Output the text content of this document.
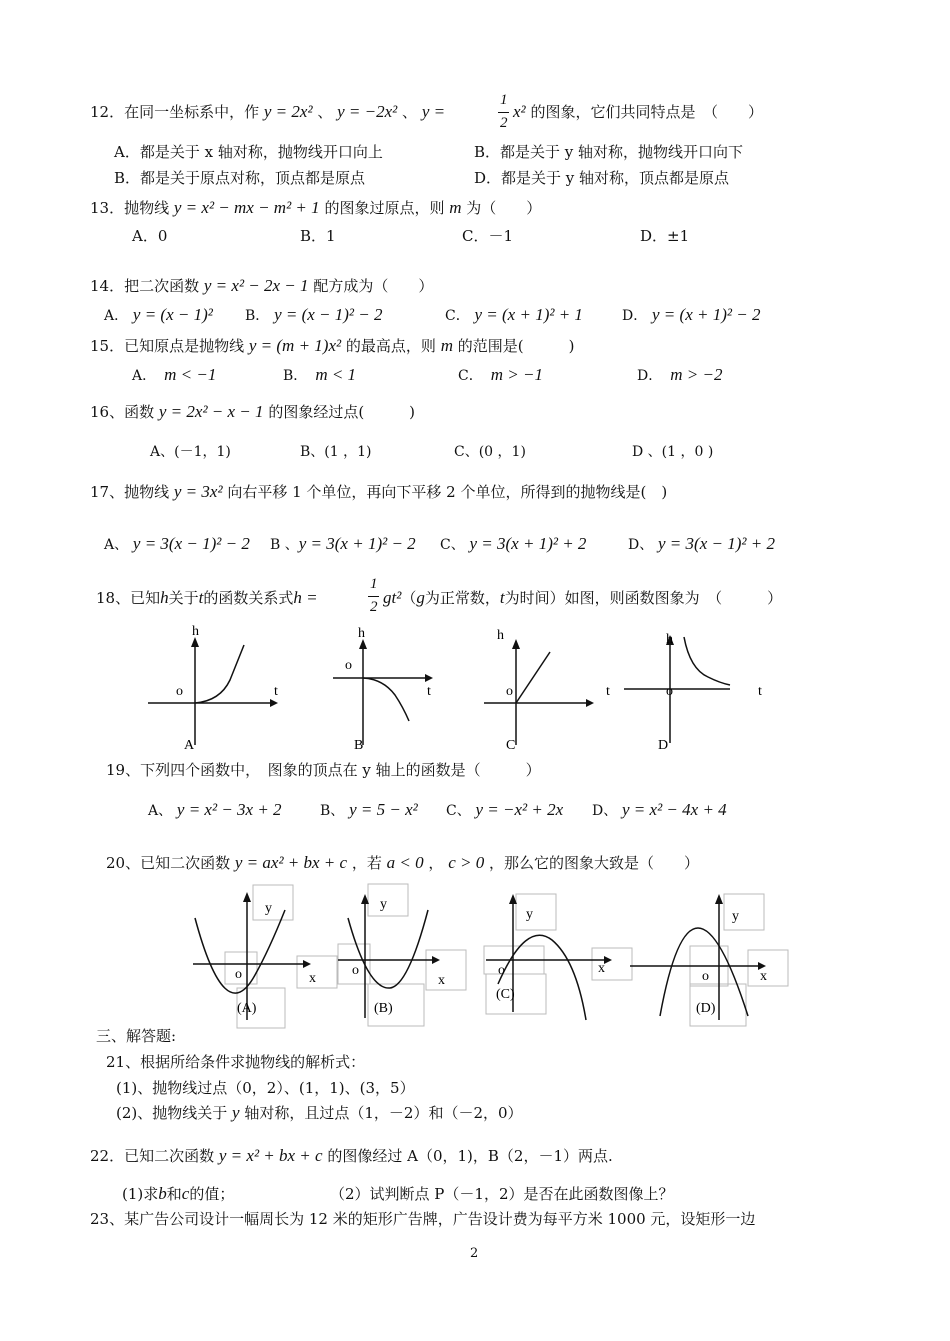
12．在同一坐标系中，作 y = 2x² 、 y = −2x² 、 y =
1
2
x² 的图象，它们共同特点是　（　　）
A．都是关于 x 轴对称，抛物线开口向上	B．都是关于 y 轴对称，抛物线开口向下
B．都是关于原点对称，顶点都是原点	D．都是关于 y 轴对称，顶点都是原点
13．抛物线 y = x² − mx − m² + 1 的图象过原点，则 m 为（　　）
A．0	B．1	C．－1	D．±1
14．把二次函数 y = x² − 2x − 1 配方成为（　　）
A． y = (x − 1)² B． y = (x − 1)² − 2	C． y = (x + 1)² + 1	D． y = (x + 1)² − 2
15．已知原点是抛物线 y = (m + 1)x² 的最高点，则 m 的范围是(　　　)
A．　 m < −1	B．　 m < 1	C．　 m > −1	D．　 m > −2
16、函数 y = 2x² − x − 1 的图象经过点(　　　)
A、(－1，1)	B、(1 ，1)	C、(0 ，1)	D 、(1 ，0 )
17、抛物线 y = 3x² 向右平移 1 个单位，再向下平移 2 个单位，所得到的抛物线是(　)
A、 y = 3(x − 1)² − 2 B 、y = 3(x + 1)² − 2 C、 y = 3(x + 1)² + 2	D、 y = 3(x − 1)² + 2
18、已知h关于t的函数关系式h =
1
2 gt²（g为正常数，t为时间）如图，则函数图象为　（　　　）
h
t
o
A
h
t
o
B
h
t
o
C
h
t
o
D
19、下列四个函数中，　图象的顶点在 y 轴上的函数是（　　　）
A、 y = x² − 3x + 2	B、 y = 5 − x² C、 y = −x² + 2x D、 y = x² − 4x + 4
20、已知二次函数 y = ax² + bx + c ，若 a < 0 ， c > 0 ，那么它的图象大致是（　　）
y
x
o
(A)
y
x
o
(B)
y
x
o
(C)
y
x
o
(D)
三、解答题:
21、根据所给条件求抛物线的解析式：
(1)、抛物线过点（0，2）、(1，1)、(3，5）
(2)、抛物线关于 y 轴对称，且过点（1，－2）和（－2，0）
22．已知二次函数 y = x² + bx + c 的图像经过 A（0，1)，B（2，－1）两点.
(1)求b和c的值；	（2）试判断点 P（－1，2）是否在此函数图像上？
23、某广告公司设计一幅周长为 12 米的矩形广告牌，广告设计费为每平方米 1000 元，设矩形一边
2
